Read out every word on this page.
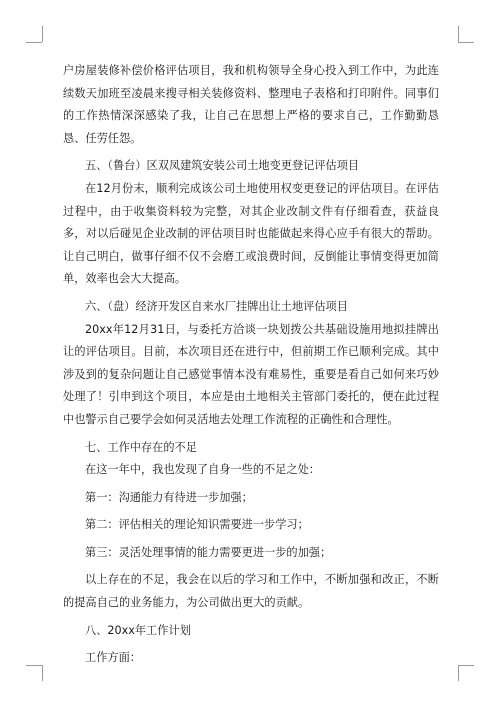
户房屋装修补偿价格评估项目，我和机构领导全身心投入到工作中，为此连续数天加班至凌晨来搜寻相关装修资料、整理电子表格和打印附件。同事们的工作热情深深感染了我，让自己在思想上严格的要求自己，工作勤勤恳恳、任劳任怨。

五、（鲁台）区双凤建筑安装公司土地变更登记评估项目

在12月份末，顺利完成该公司土地使用权变更登记的评估项目。在评估过程中，由于收集资料较为完整，对其企业改制文件有仔细看查，获益良多，对以后碰见企业改制的评估项目时也能做起来得心应手有很大的帮助。让自己明白，做事仔细不仅不会磨工或浪费时间，反倒能让事情变得更加简单，效率也会大大提高。

六、（盘）经济开发区自来水厂挂牌出让土地评估项目

20xx年12月31日，与委托方洽谈一块划拨公共基础设施用地拟挂牌出让的评估项目。目前，本次项目还在进行中，但前期工作已顺利完成。其中涉及到的复杂问题让自己感觉事情本没有难易性，重要是看自己如何来巧妙处理了！引申到这个项目，本应是由土地相关主管部门委托的，便在此过程中也警示自己要学会如何灵活地去处理工作流程的正确性和合理性。

七、工作中存在的不足

在这一年中，我也发现了自身一些的不足之处：

第一：沟通能力有待进一步加强；

第二：评估相关的理论知识需要进一步学习；

第三：灵活处理事情的能力需要更进一步的加强；

以上存在的不足，我会在以后的学习和工作中，不断加强和改正，不断的提高自己的业务能力，为公司做出更大的贡献。

八、20xx年工作计划

工作方面：
